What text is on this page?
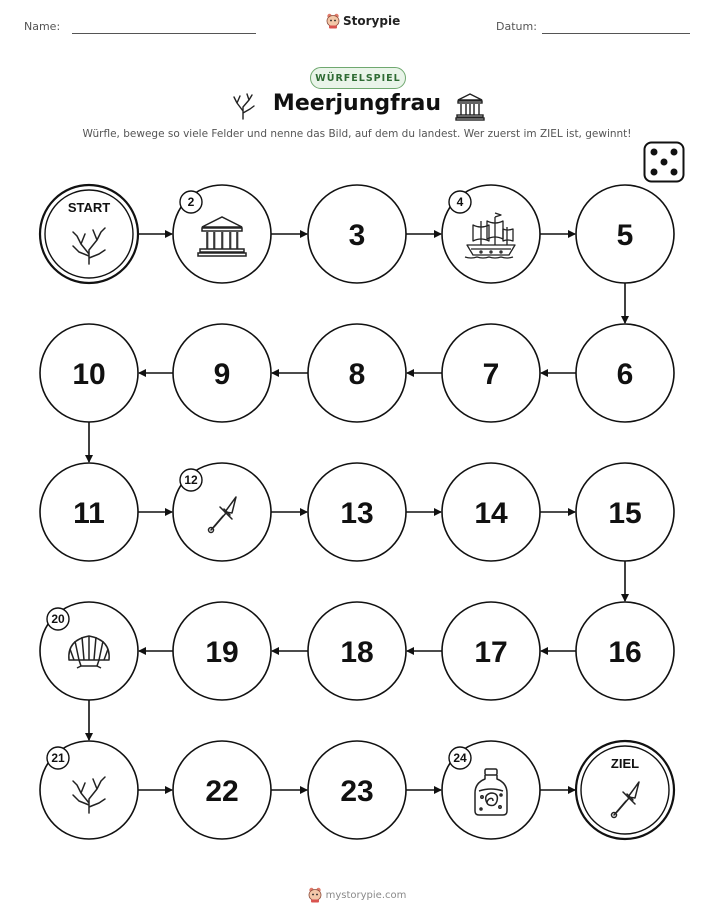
Name:	Storypie	Datum:
WÜRFELSPIEL
Meerjungfrau
Würfle, bewege so viele Felder und nenne das Bild, auf dem du landest. Wer zuerst im ZIEL ist, gewinnt!
START	2
3
4
5
6
7
8
9
10
11
12
13	14	15
16
17
18
19
20
21
22	23
24	ZIEL
mystorypie.com
